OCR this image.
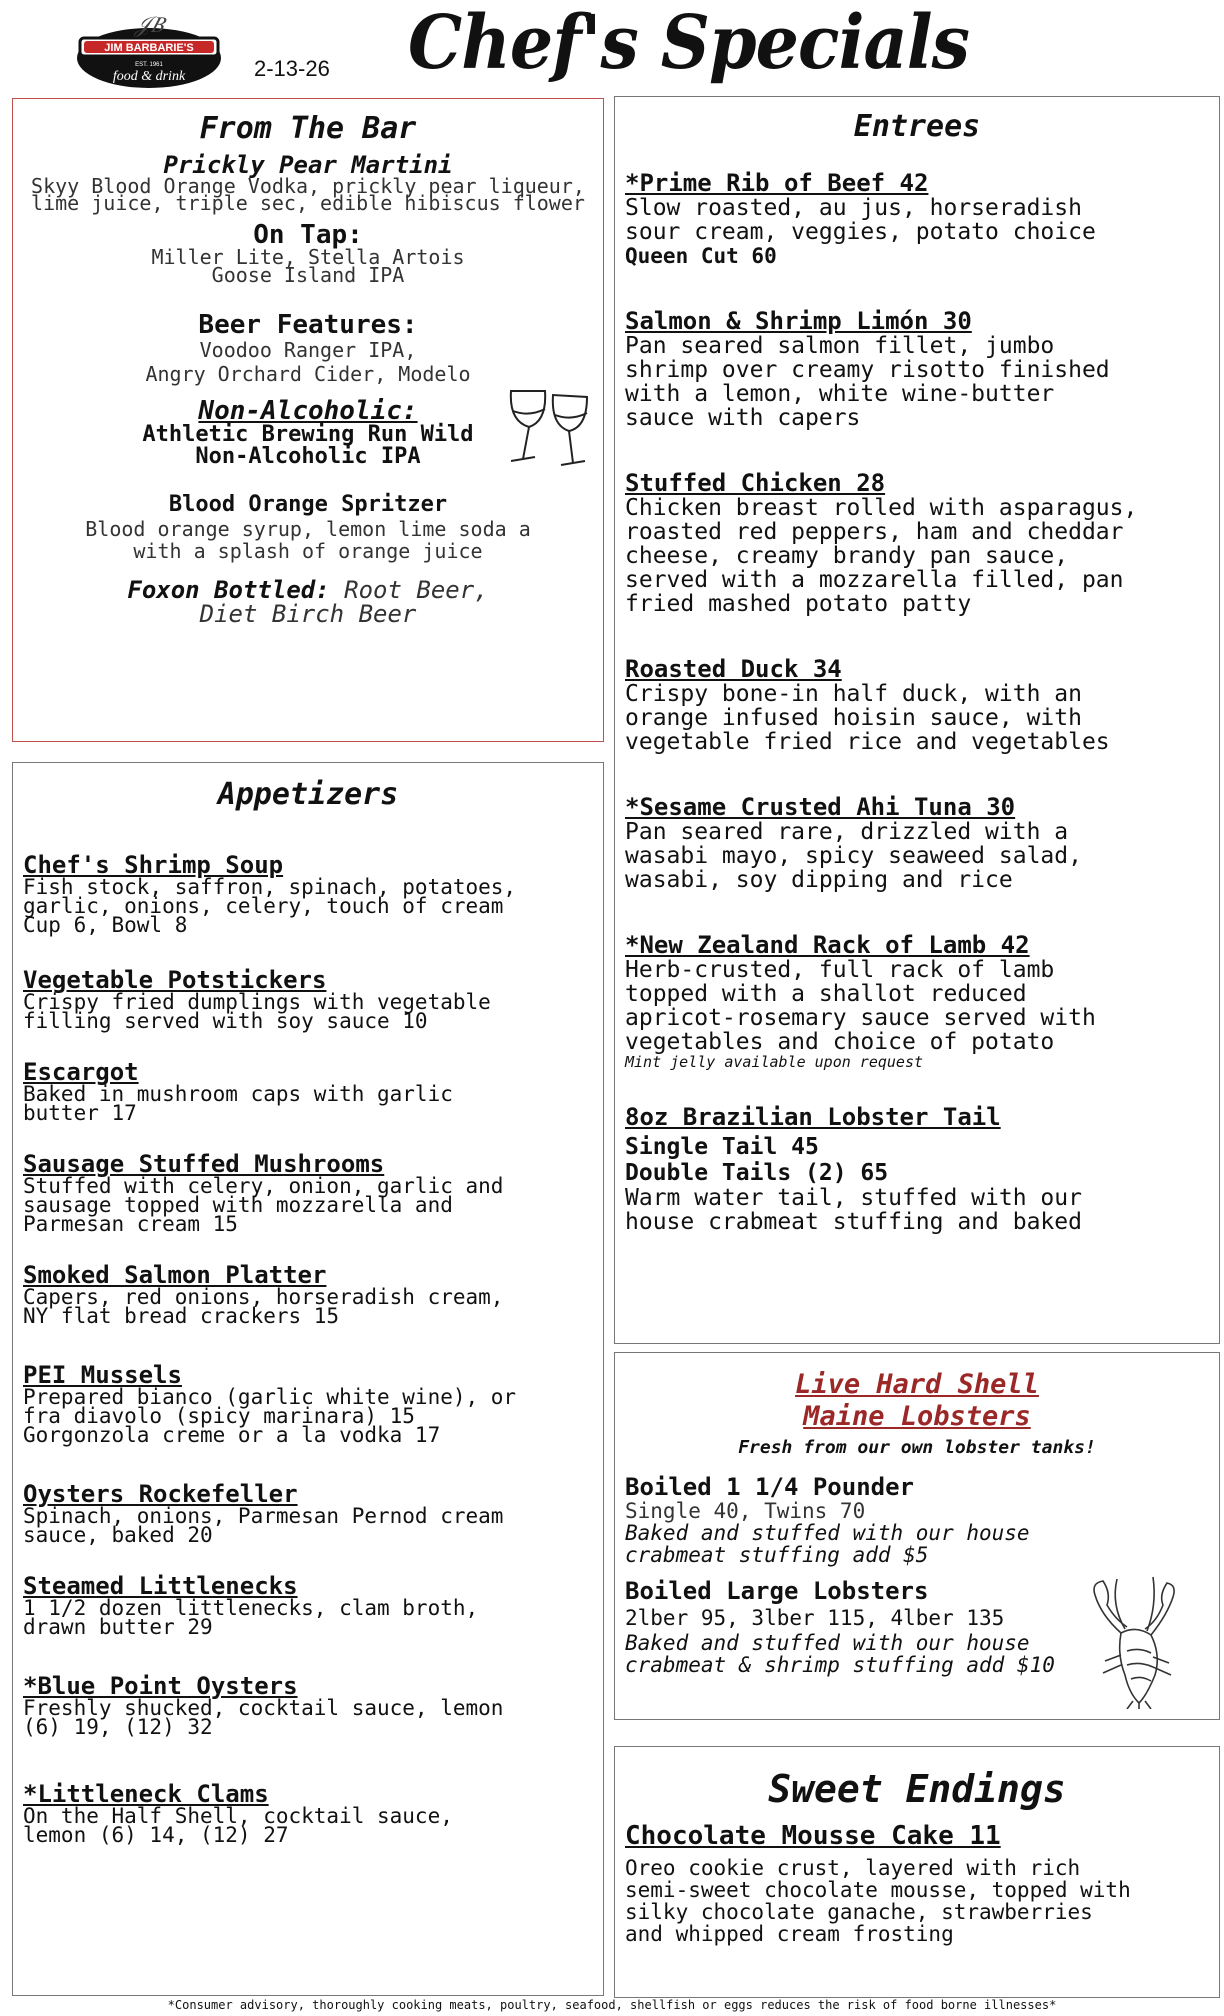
JIM BARBARIE'S
EST. 1961
food & drink
𝒥𝐵
2-13-26 Chef's Specials

From The Bar

Prickly Pear Martini

Skyy Blood Orange Vodka, prickly pear liqueur, lime juice, triple sec, edible hibiscus flower

On Tap:

Miller Lite, Stella Artois

Goose Island IPA

Beer Features:

Voodoo Ranger IPA,

Angry Orchard Cider, Modelo

Non-Alcoholic:

Athletic Brewing Run Wild

Non-Alcoholic IPA

Blood Orange Spritzer

Blood orange syrup, lemon lime soda a

with a splash of orange juice

Foxon Bottled: Root Beer,

Diet Birch Beer

Appetizers

Chef's Shrimp Soup

Fish stock, saffron, spinach, potatoes,

garlic, onions, celery, touch of cream

Cup 6, Bowl 8

Vegetable Potstickers

Crispy fried dumplings with vegetable

filling served with soy sauce 10

Escargot

Baked in mushroom caps with garlic

butter 17

Sausage Stuffed Mushrooms

Stuffed with celery, onion, garlic and

sausage topped with mozzarella and

Parmesan cream 15

Smoked Salmon Platter

Capers, red onions, horseradish cream,

NY flat bread crackers 15

PEI Mussels

Prepared bianco (garlic white wine), or

fra diavolo (spicy marinara) 15

Gorgonzola creme or a la vodka 17

Oysters Rockefeller

Spinach, onions, Parmesan Pernod cream

sauce, baked 20

Steamed Littlenecks

1 1/2 dozen littlenecks, clam broth,

drawn butter 29

*Blue Point Oysters

Freshly shucked, cocktail sauce, lemon

(6) 19, (12) 32

*Littleneck Clams

On the Half Shell, cocktail sauce,

lemon (6) 14, (12) 27

Entrees

*Prime Rib of Beef 42

Slow roasted, au jus, horseradish

sour cream, veggies, potato choice

Queen Cut 60

Salmon & Shrimp Limón 30

Pan seared salmon fillet, jumbo

shrimp over creamy risotto finished

with a lemon, white wine-butter

sauce with capers

Stuffed Chicken 28

Chicken breast rolled with asparagus,

roasted red peppers, ham and cheddar

cheese, creamy brandy pan sauce,

served with a mozzarella filled, pan

fried mashed potato patty

Roasted Duck 34

Crispy bone-in half duck, with an

orange infused hoisin sauce, with

vegetable fried rice and vegetables

*Sesame Crusted Ahi Tuna 30

Pan seared rare, drizzled with a

wasabi mayo, spicy seaweed salad,

wasabi, soy dipping and rice

*New Zealand Rack of Lamb 42

Herb-crusted, full rack of lamb

topped with a shallot reduced

apricot-rosemary sauce served with

vegetables and choice of potato

Mint jelly available upon request

8oz Brazilian Lobster Tail

Single Tail 45

Double Tails (2) 65

Warm water tail, stuffed with our

house crabmeat stuffing and baked

Live Hard Shell

Maine Lobsters

Fresh from our own lobster tanks!

Boiled 1 1/4 Pounder

Single 40, Twins 70

Baked and stuffed with our house

crabmeat stuffing add $5

Boiled Large Lobsters

2lber 95, 3lber 115, 4lber 135

Baked and stuffed with our house

crabmeat & shrimp stuffing add $10

Sweet Endings

Chocolate Mousse Cake 11

Oreo cookie crust, layered with rich

semi-sweet chocolate mousse, topped with

silky chocolate ganache, strawberries

and whipped cream frosting

*Consumer advisory, thoroughly cooking meats, poultry, seafood, shellfish or eggs reduces the risk of food borne illnesses*
